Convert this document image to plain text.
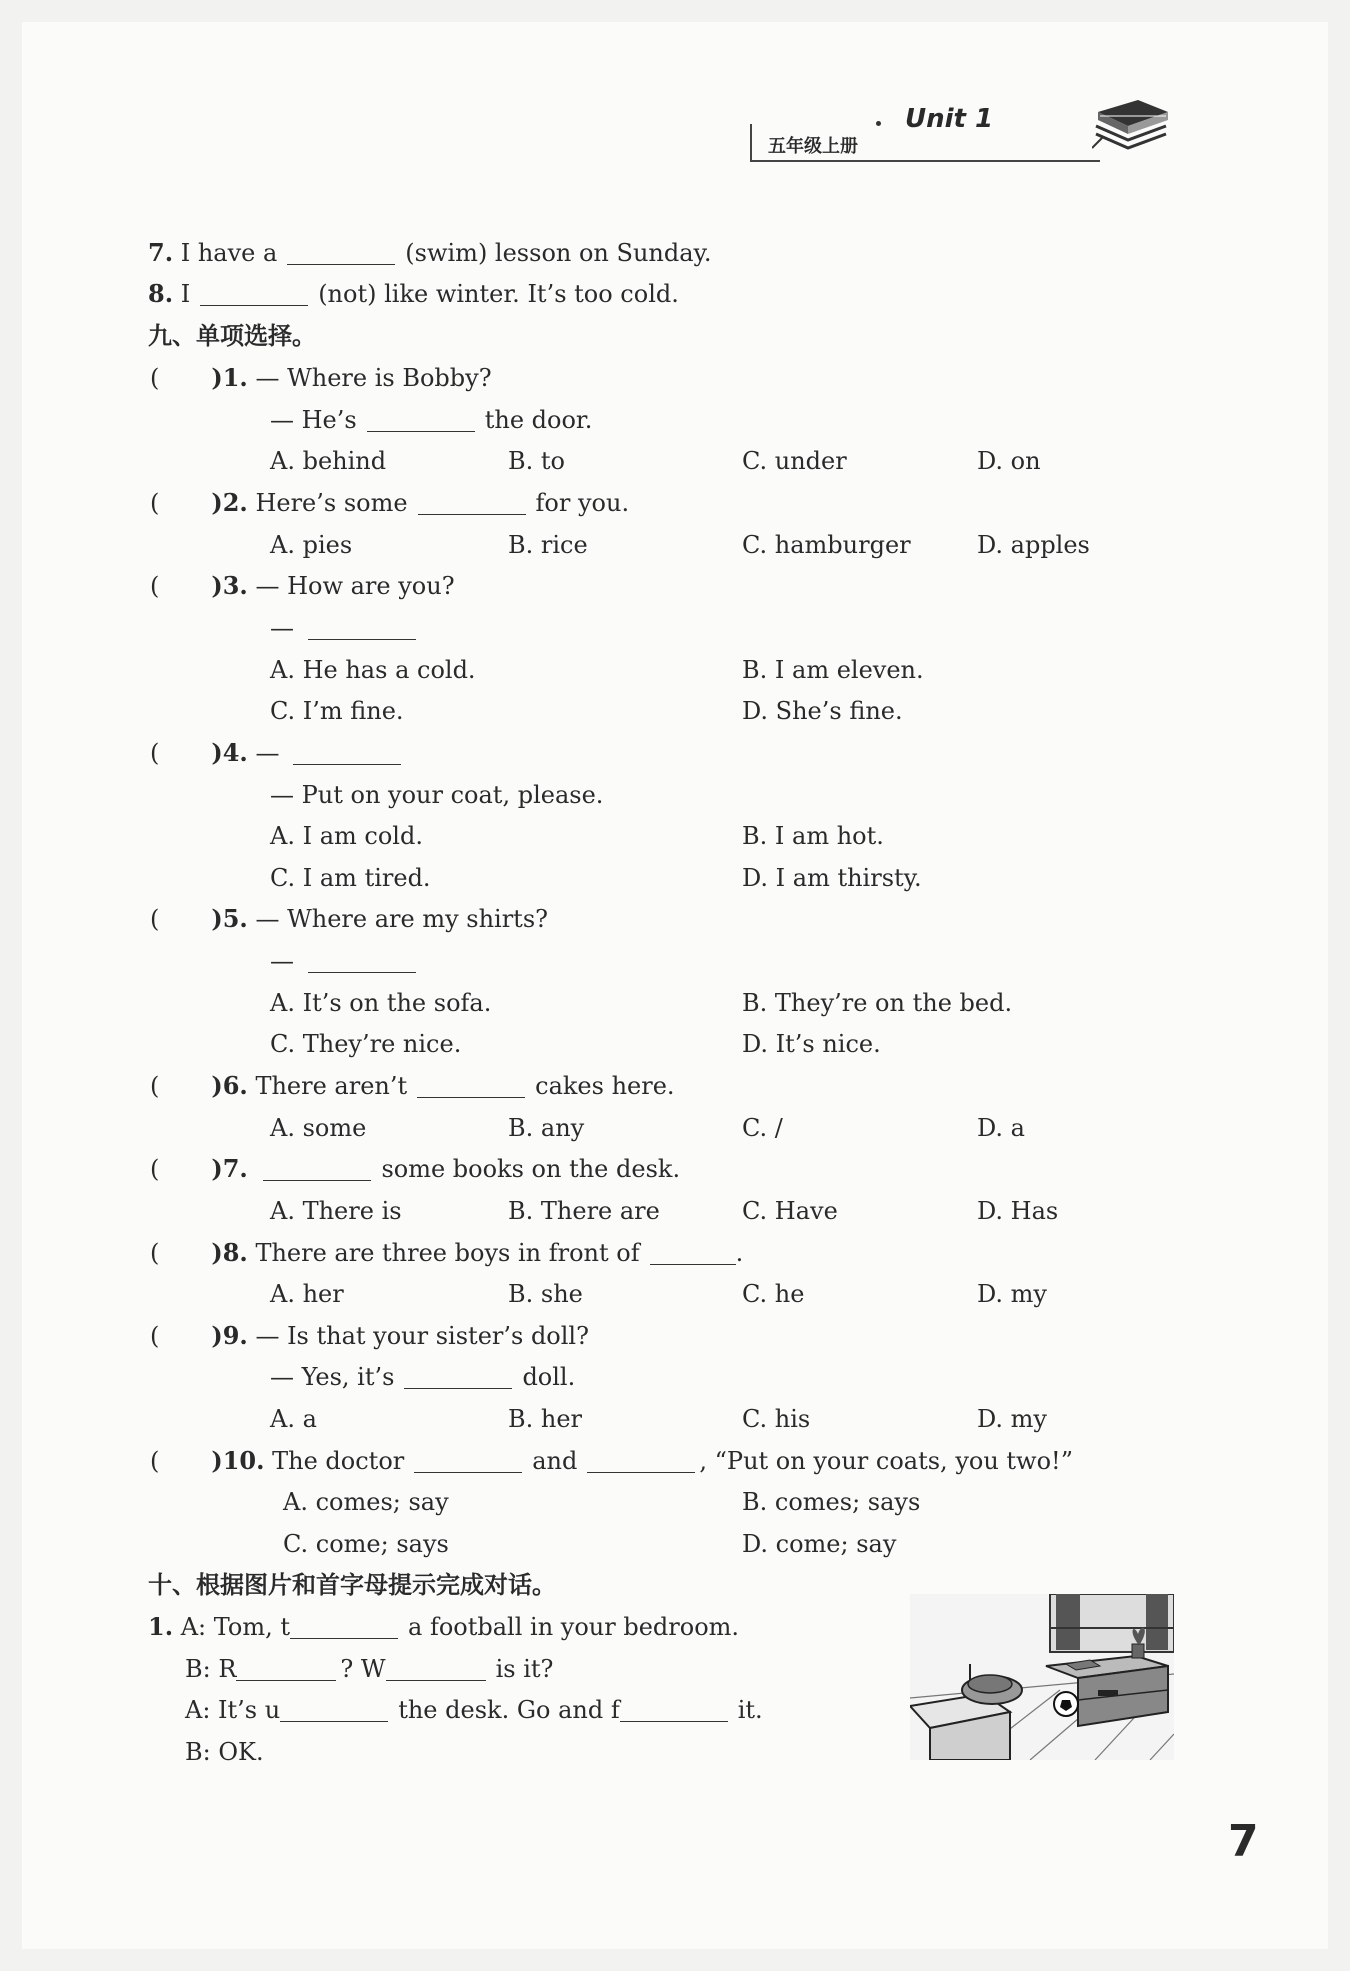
Unit 1
五年级上册
7. I have a	(swim) lesson on Sunday.
8. I	(not) like winter. It’s too cold.
九、单项选择。
( )1. — Where is Bobby?
— He’s	the door.
A. behind	B. to	C. under	D. on
( )2. Here’s some	for you.
A. pies	B. rice	C. hamburger	D. apples
( )3. — How are you?
—
A. He has a cold.	B. I am eleven.
C. I’m fine.	D. She’s fine.
( )4. —
— Put on your coat, please.
A. I am cold.	B. I am hot.
C. I am tired.	D. I am thirsty.
( )5. — Where are my shirts?
—
A. It’s on the sofa.	B. They’re on the bed.
C. They’re nice.	D. It’s nice.
( )6. There aren’t	cakes here.
A. some	B. any	C. /	D. a
( )7.	some books on the desk.
A. There is	B. There are	C. Have	D. Has
( )8. There are three boys in front of	.
A. her	B. she	C. he	D. my
( )9. — Is that your sister’s doll?
— Yes, it’s	doll.
A. a	B. her	C. his	D. my
( )10. The doctor	and	, “Put on your coats, you two!”
A. comes; say	B. comes; says
C. come; says	D. come; say
十、根据图片和首字母提示完成对话。
1. A: Tom, t	a football in your bedroom.
B: R	? W	is it?
A: It’s u	the desk. Go and f	it.
B: OK.
7
